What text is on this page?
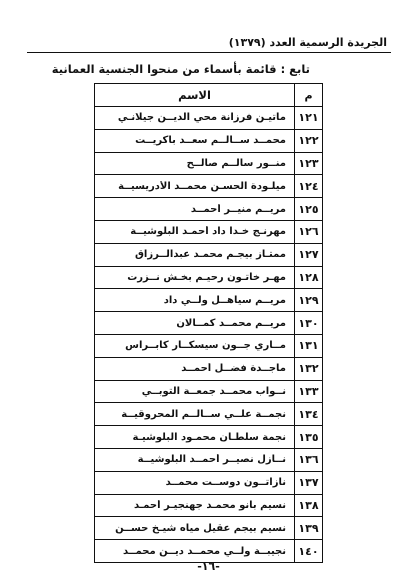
الجريدة الرسمية العدد (١٣٧٩)
تابع : قائمة بأسماء من منحوا الجنسية العمانية
م
الاسم
١٢١
ماتيـن فرزانة محي الديــن جيلانـي
١٢٢
محمــد ســالــم سعــد باكريــت
١٢٣
منــور سالــم صالــح
١٢٤
ميلـودة الحسـن محمــد الأدريسيــة
١٢٥
مريــم منيــر أحمــد
١٢٦
مهرنـج خـدا داد أحمـد البلوشيــة
١٢٧
ممتـاز بيجـم محمـد عبدالــرزاق
١٢٨
مهـر خاتـون رحيـم بخـش نــزرت
١٢٩
مريــم سياهــل ولــي داد
١٣٠
مريــم محمــد كمــالان
١٣١
مــاري جــون سيسكــار كابــراس
١٣٢
ماجــدة فضــل أحمــد
١٣٣
نــواب محمــد جمعــة التوبــي
١٣٤
نجمــة علــي ســالــم المحروقيــة
١٣٥
نجمة سلطـان محمـود البلوشيـة
١٣٦
نــازل نصيــر أحمــد البلوشيــة
١٣٧
نازاتــون دوســت محمــد
١٣٨
نسيم بانو محمـد جهنجيـر أحمـد
١٣٩
نسيم بيجم عقيل مياه شيـخ حســن
١٤٠
نجيبــة ولــي محمــد ديــن محمــد
-١٦-
